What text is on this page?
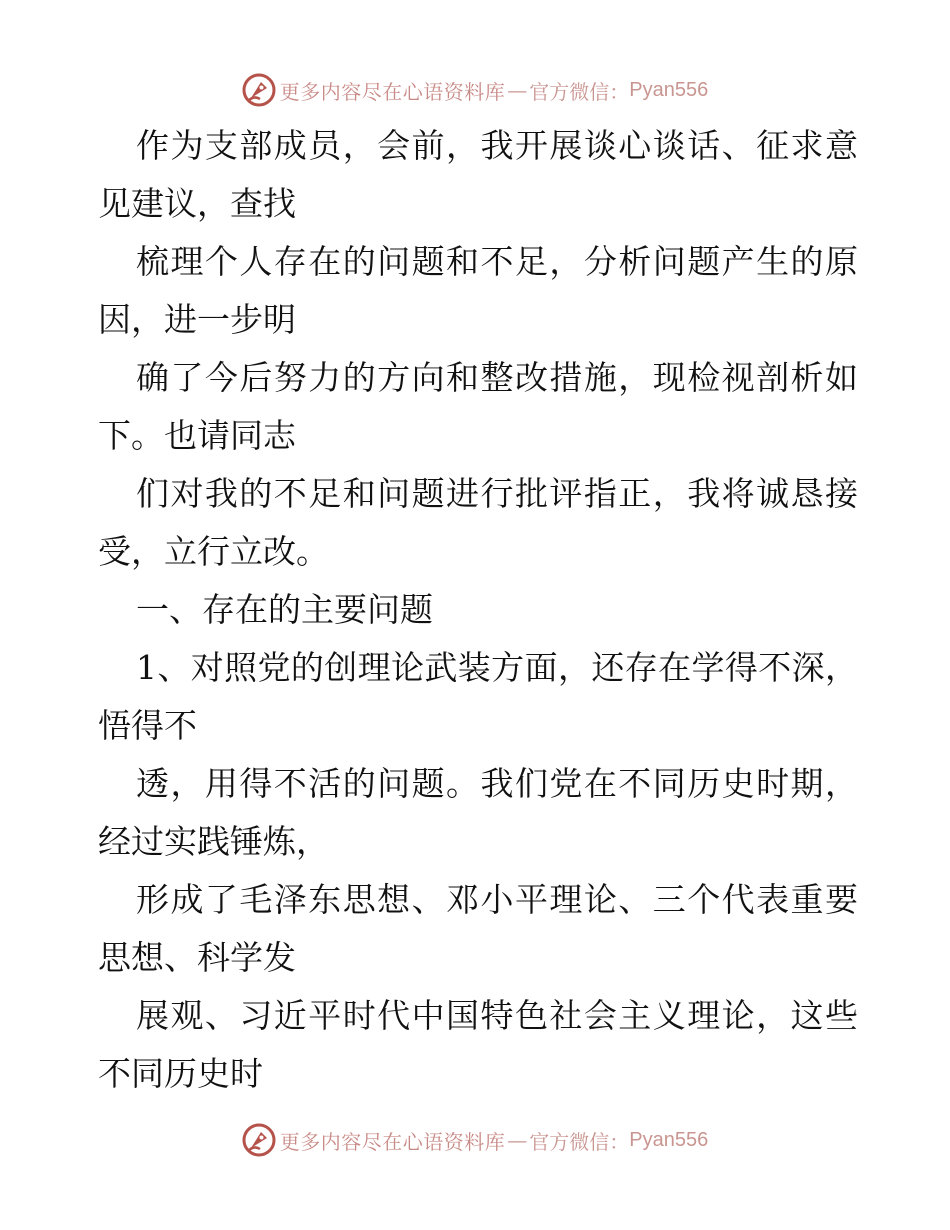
更多内容尽在心语资料库 — 官方微信： Pyan556

作为支部成员，会前，我开展谈心谈话、征求意见建议，查找

梳理个人存在的问题和不足，分析问题产生的原因，进一步明

确了今后努力的方向和整改措施，现检视剖析如下。也请同志

们对我的不足和问题进行批评指正，我将诚恳接受，立行立改。

一、存在的主要问题

1、对照党的创理论武装方面，还存在学得不深，悟得不

透，用得不活的问题。我们党在不同历史时期，经过实践锤炼，

形成了毛泽东思想、邓小平理论、三个代表重要思想、科学发

展观、习近平时代中国特色社会主义理论，这些不同历史时

更多内容尽在心语资料库 — 官方微信： Pyan556
